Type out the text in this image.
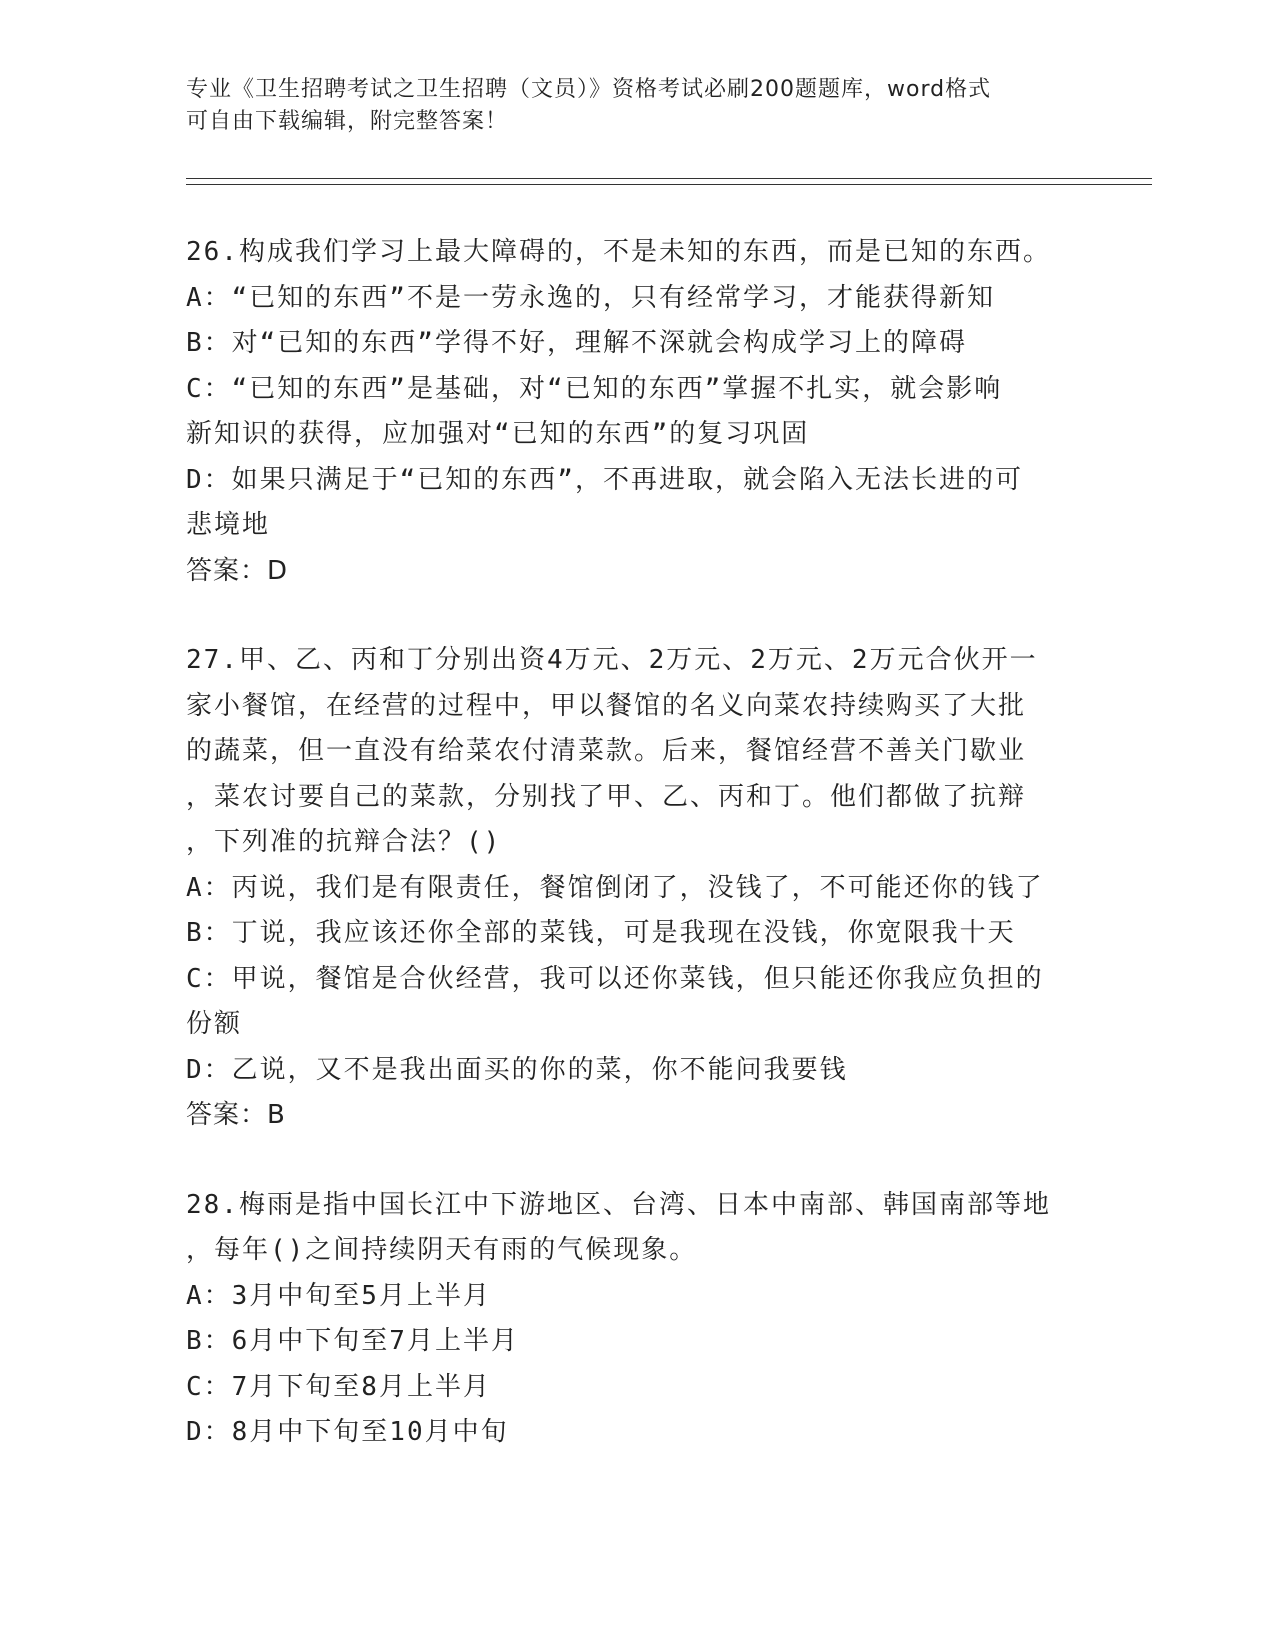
专业《卫生招聘考试之卫生招聘（文员）》资格考试必刷200题题库，word格式
可自由下载编辑，附完整答案！
26.构成我们学习上最大障碍的，不是未知的东西，而是已知的东西。
A：“已知的东西”不是一劳永逸的，只有经常学习，才能获得新知
B：对“已知的东西”学得不好，理解不深就会构成学习上的障碍
C：“已知的东西”是基础，对“已知的东西”掌握不扎实，就会影响
新知识的获得，应加强对“已知的东西”的复习巩固
D：如果只满足于“已知的东西”，不再进取，就会陷入无法长进的可
悲境地
答案：D
27.甲、乙、丙和丁分别出资4万元、2万元、2万元、2万元合伙开一
家小餐馆，在经营的过程中，甲以餐馆的名义向菜农持续购买了大批
的蔬菜，但一直没有给菜农付清菜款。后来，餐馆经营不善关门歇业
，菜农讨要自己的菜款，分别找了甲、乙、丙和丁。他们都做了抗辩
，下列准的抗辩合法？()
A：丙说，我们是有限责任，餐馆倒闭了，没钱了，不可能还你的钱了
B：丁说，我应该还你全部的菜钱，可是我现在没钱，你宽限我十天
C：甲说，餐馆是合伙经营，我可以还你菜钱，但只能还你我应负担的
份额
D：乙说，又不是我出面买的你的菜，你不能问我要钱
答案：B
28.梅雨是指中国长江中下游地区、台湾、日本中南部、韩国南部等地
，每年()之间持续阴天有雨的气候现象。
A：3月中旬至5月上半月
B：6月中下旬至7月上半月
C：7月下旬至8月上半月
D：8月中下旬至10月中旬
